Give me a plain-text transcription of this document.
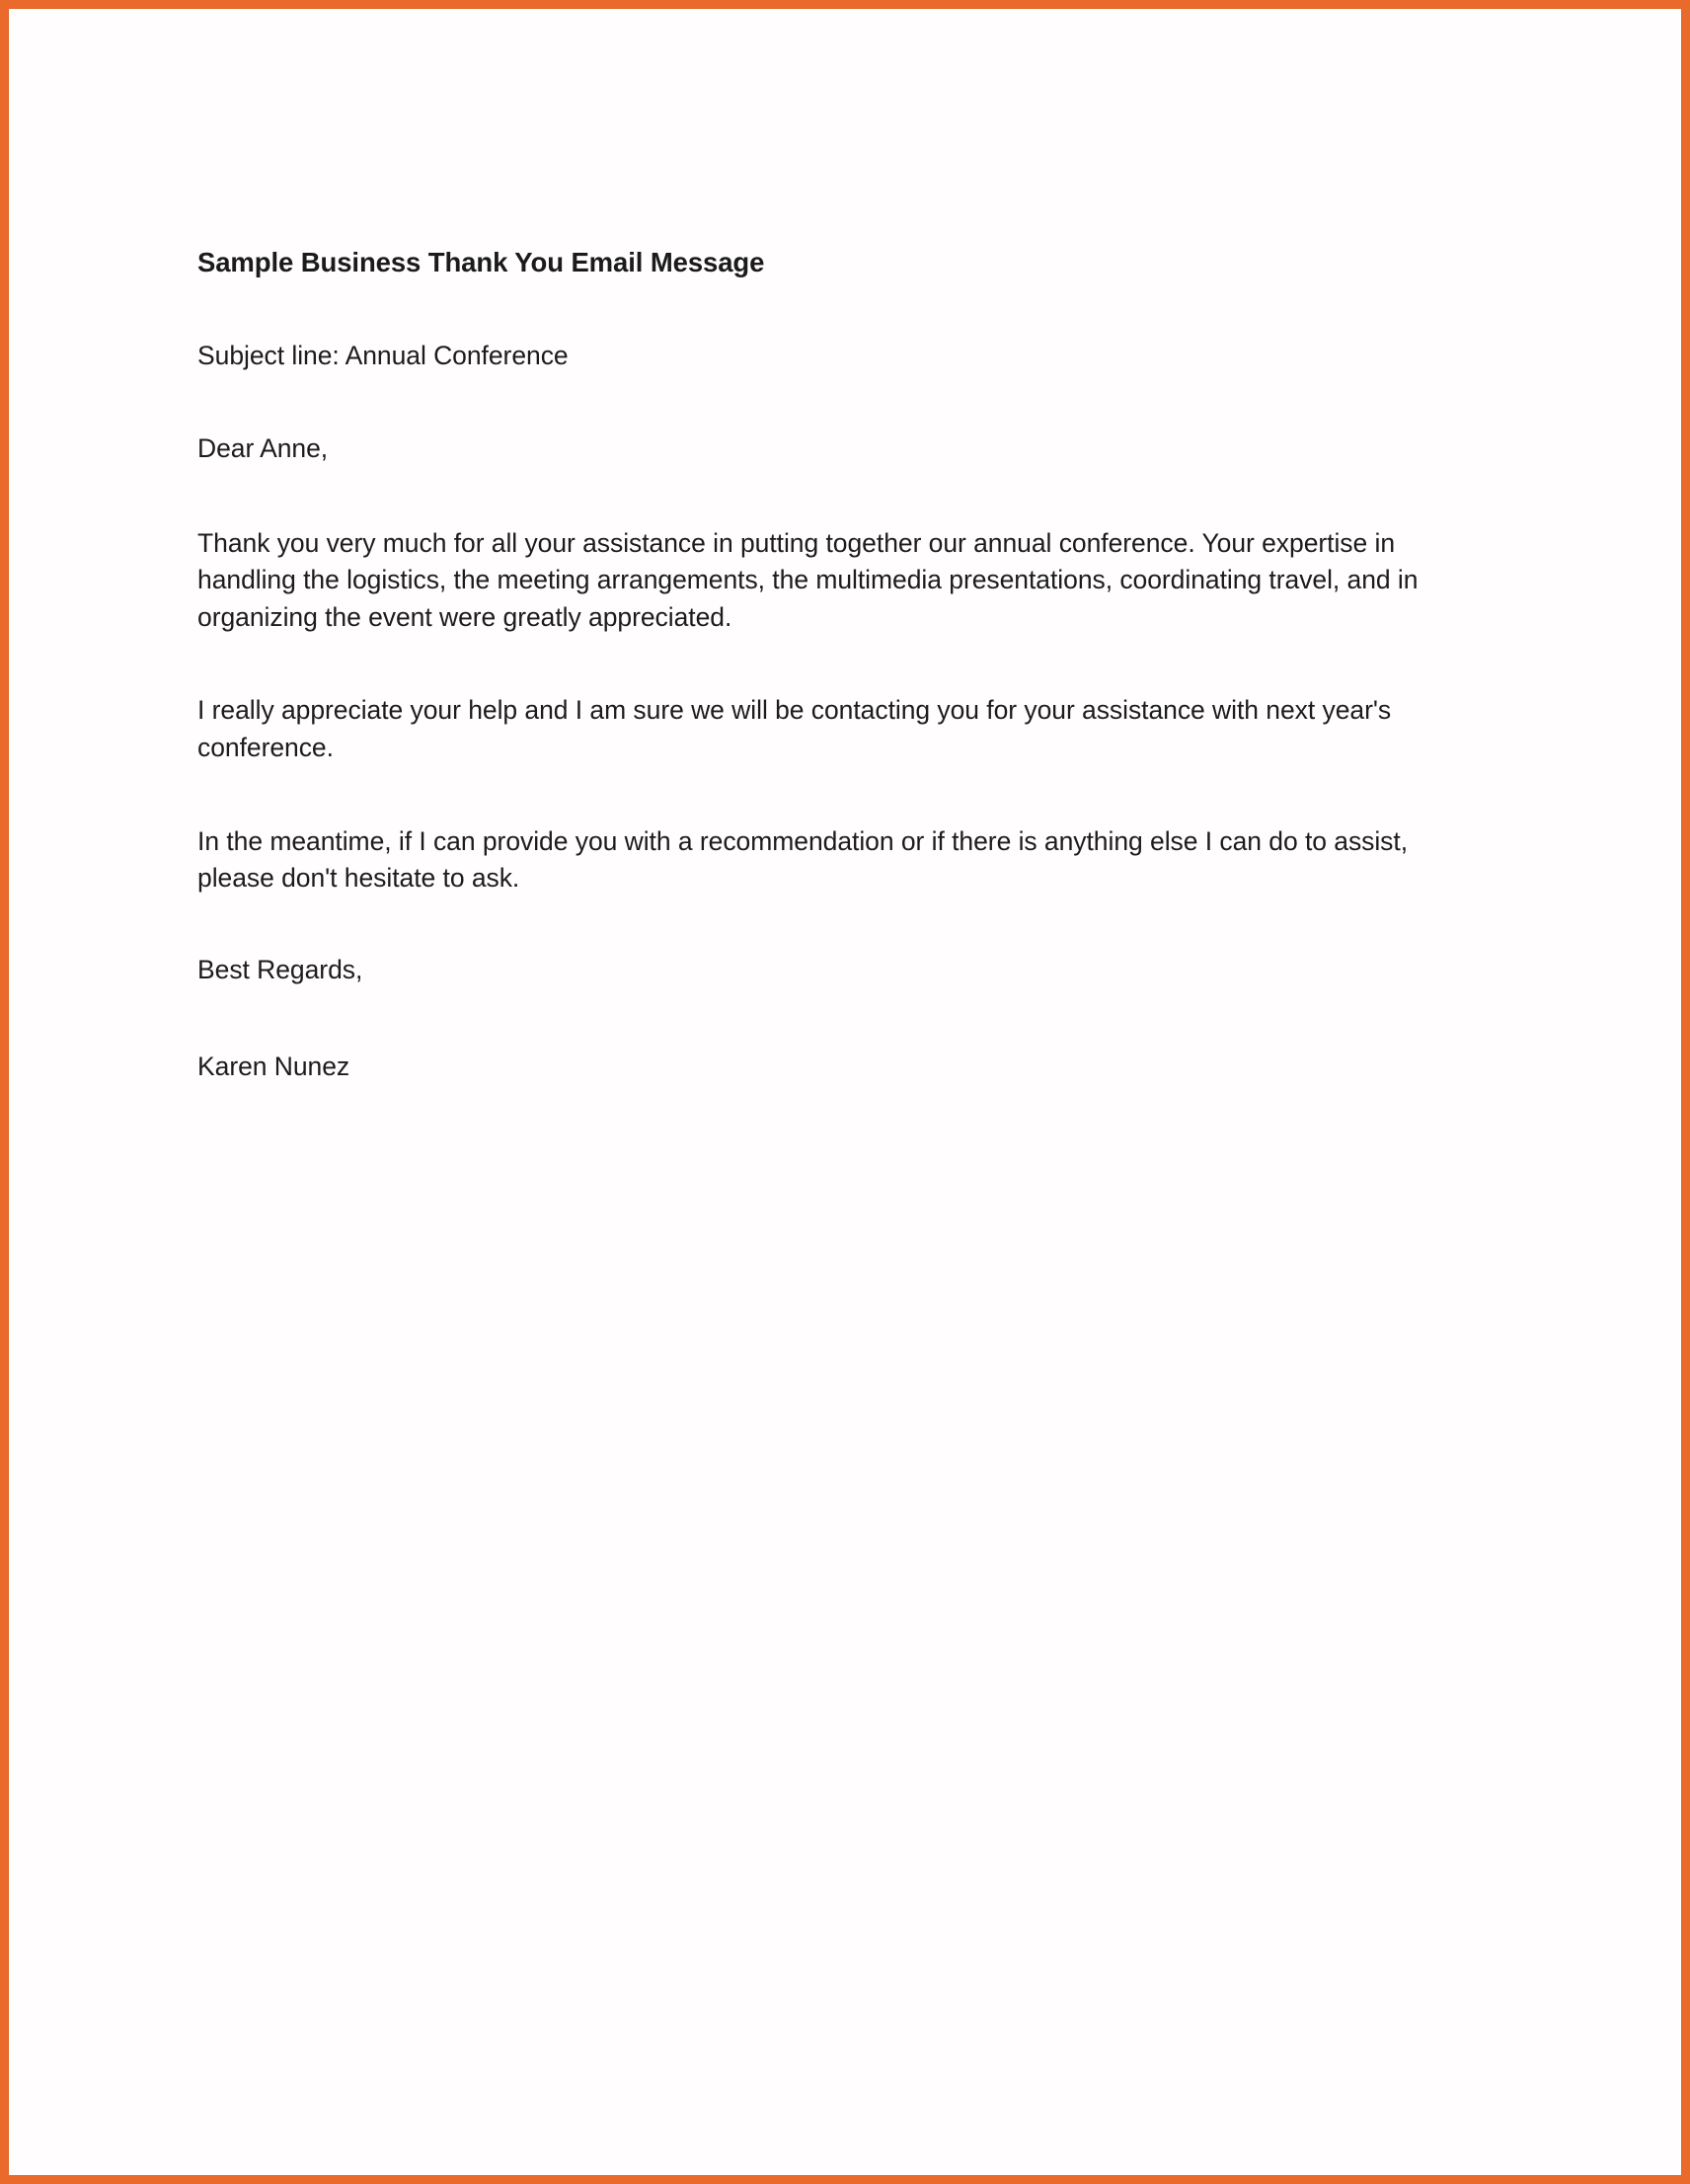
Sample Business Thank You Email Message

Subject line: Annual Conference

Dear Anne,

Thank you very much for all your assistance in putting together our annual conference. Your expertise in handling the logistics, the meeting arrangements, the multimedia presentations, coordinating travel, and in organizing the event were greatly appreciated.

I really appreciate your help and I am sure we will be contacting you for your assistance with next year's conference.

In the meantime, if I can provide you with a recommendation or if there is anything else I can do to assist, please don't hesitate to ask.

Best Regards,

Karen Nunez
